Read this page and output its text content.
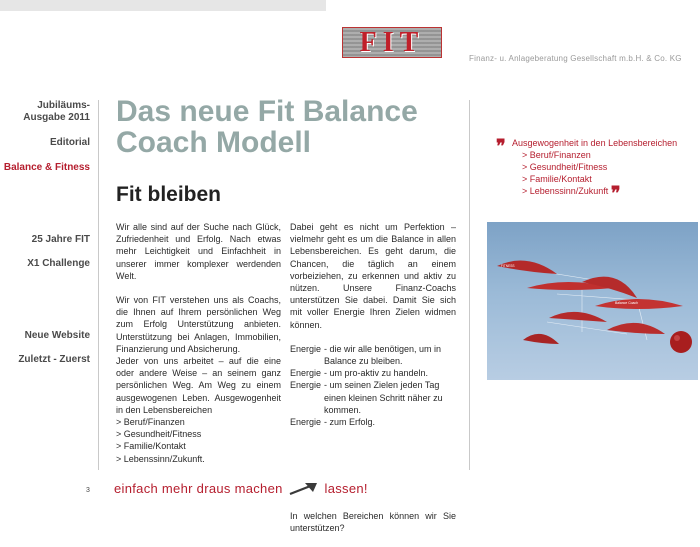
FIT
Finanz- u. Anlageberatung Gesellschaft m.b.H. & Co. KG
Jubiläums-
Ausgabe 2011
Editorial
Balance & Fitness
25 Jahre FIT
X1 Challenge
Neue Website
Zuletzt - Zuerst
Das neue Fit Balance Coach Modell
Fit bleiben

Wir alle sind auf der Suche nach Glück, Zufriedenheit und Erfolg. Nach etwas mehr Leichtigkeit und Einfachheit in unserer immer komplexer werdenden Welt.

Wir von FIT verstehen uns als Coachs, die Ihnen auf Ihrem persönlichen Weg zum Erfolg Unterstützung anbieten. Unterstützung bei Anlagen, Immobilien, Finanzierung und Absicherung.

Jeder von uns arbeitet – auf die eine oder andere Weise – an seinem ganz persönlichen Weg. Am Weg zu einem ausgewogenen Leben. Ausgewogenheit in den Lebensbereichen

> Beruf/Finanzen
> Gesundheit/Fitness
> Familie/Kontakt
> Lebenssinn/Zukunft.

Dabei geht es nicht um Perfektion – vielmehr geht es um die Balance in allen Lebensbereichen. Es geht darum, die Chancen, die täglich an einem vorbeiziehen, zu erkennen und aktiv zu nützen. Unsere Finanz-Coachs unterstützen Sie dabei. Damit Sie sich mit voller Energie Ihren Zielen widmen können.

Energie - die wir alle benötigen, um in Balance zu bleiben.
Energie - um pro-aktiv zu handeln.
Energie - um seinen Zielen jeden Tag einen kleinen Schritt näher zu kommen.
Energie - zum Erfolg.

In welchen Bereichen können wir Sie unterstützen?

❞ Ausgewogenheit in den Lebensbereichen
> Beruf/Finanzen
> Gesundheit/Fitness
> Familie/Kontakt
> Lebenssinn/Zukunft ❞
FITNESS
Balance Coach
3 einfach mehr draus machen	lassen!
